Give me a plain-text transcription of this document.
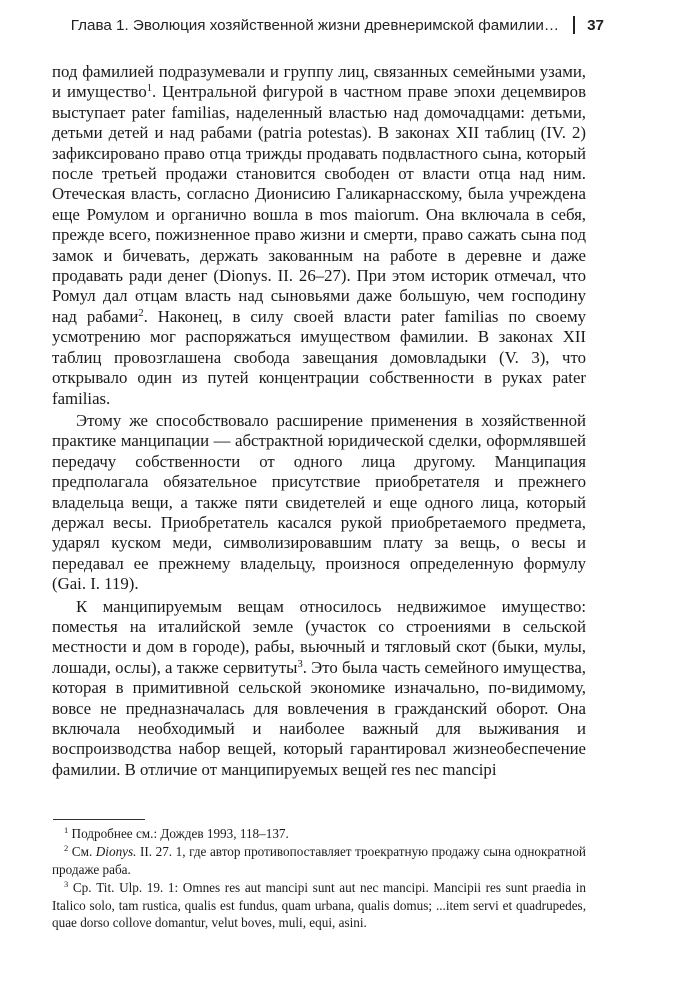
Глава 1. Эволюция хозяйственной жизни древнеримской фамилии… 37

под фамилией подразумевали и группу лиц, связанных семейными узами, и имущество$^1$. Центральной фигурой в частном праве эпохи децемвиров выступает pater familias, наделенный властью над домочадцами: детьми, детьми детей и над рабами (patria potestas). В законах XII таблиц (IV. 2) зафиксировано право отца трижды продавать подвластного сына, который после третьей продажи становится свободен от власти отца над ним. Отеческая власть, согласно Дионисию Галикарнасскому, была учреждена еще Ромулом и органично вошла в mos maiorum. Она включала в себя, прежде всего, пожизненное право жизни и смерти, право сажать сына под замок и бичевать, держать закованным на работе в деревне и даже продавать ради денег (Dionys. II. 26–27). При этом историк отмечал, что Ромул дал отцам власть над сыновьями даже большую, чем господину над рабами$^2$. Наконец, в силу своей власти pater familias по своему усмотрению мог распоряжаться имуществом фамилии. В законах XII таблиц провозглашена свобода завещания домовладыки (V. 3), что открывало один из путей концентрации собственности в руках pater familias.

Этому же способствовало расширение применения в хозяйственной практике манципации — абстрактной юридической сделки, оформлявшей передачу собственности от одного лица другому. Манципация предполагала обязательное присутствие приобретателя и прежнего владельца вещи, а также пяти свидетелей и еще одного лица, который держал весы. Приобретатель касался рукой приобретаемого предмета, ударял куском меди, символизировавшим плату за вещь, о весы и передавал ее прежнему владельцу, произнося определенную формулу (Gai. I. 119).

К манципируемым вещам относилось недвижимое имущество: поместья на италийской земле (участок со строениями в сельской местности и дом в городе), рабы, вьючный и тягловый скот (быки, мулы, лошади, ослы), а также сервитуты$^3$. Это была часть семейного имущества, которая в примитивной сельской экономике изначально, по-видимому, вовсе не предназначалась для вовлечения в гражданский оборот. Она включала необходимый и наиболее важный для выживания и воспроизводства набор вещей, который гарантировал жизнеобеспечение фамилии. В отличие от манципируемых вещей res nec mancipi

$^1$ Подробнее см.: Дождев 1993, 118–137.

$^2$ См. Dionys. II. 27. 1, где автор противопоставляет троекратную продажу сына однократной продаже раба.

$^3$ Ср. Tit. Ulp. 19. 1: Omnes res aut mancipi sunt aut nec mancipi. Mancipii res sunt praedia in Italico solo, tam rustica, qualis est fundus, quam urbana, qualis domus; ...item servi et quadrupedes, quae dorso collove domantur, velut boves, muli, equi, asini.
